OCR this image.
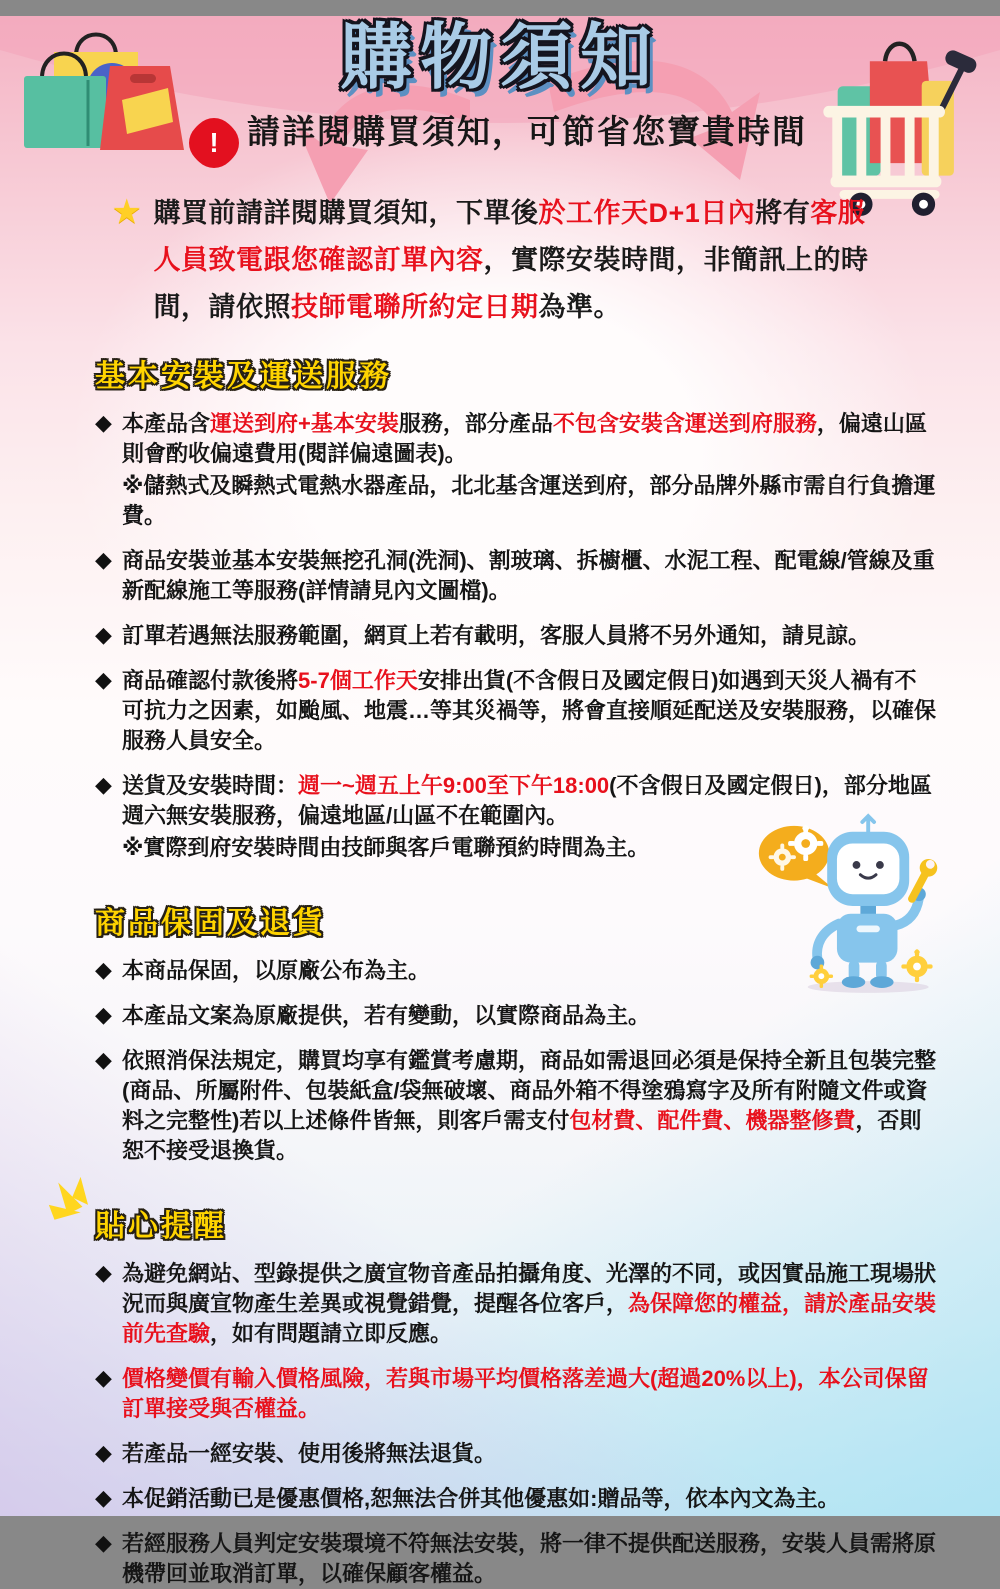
購物須知
! 請詳閱購買須知，可節省您寶貴時間
★ 購買前請詳閱購買須知，下單後於工作天D+1日內將有客服人員致電跟您確認訂單內容，實際安裝時間，非簡訊上的時間，請依照技師電聯所約定日期為準。

基本安裝及運送服務
◆ 本產品含運送到府+基本安裝服務，部分產品不包含安裝含運送到府服務，偏遠山區 則會酌收偏遠費用(閱詳偏遠圖表)。
※儲熱式及瞬熱式電熱水器產品，北北基含運送到府，部分品牌外縣市需自行負擔運費。
◆ 商品安裝並基本安裝無挖孔洞(洗洞)、割玻璃、拆櫥櫃、水泥工程、配電線/管線及重新配線施工等服務(詳情請見內文圖檔)。
◆ 訂單若遇無法服務範圍，網頁上若有載明，客服人員將不另外通知，請見諒。
◆ 商品確認付款後將5-7個工作天安排出貨(不含假日及國定假日)如遇到天災人禍有不可抗力之因素，如颱風、地震…等其災禍等，將會直接順延配送及安裝服務，以確保服務人員安全。
◆ 送貨及安裝時間：週一~週五上午9:00至下午18:00(不含假日及國定假日)，部分地區週六無安裝服務，偏遠地區/山區不在範圍內。
※實際到府安裝時間由技師與客戶電聯預約時間為主。
商品保固及退貨
◆ 本商品保固，以原廠公布為主。
◆ 本產品文案為原廠提供，若有變動，以實際商品為主。
◆ 依照消保法規定，購買均享有鑑賞考慮期，商品如需退回必須是保持全新且包裝完整 (商品、所屬附件、包裝紙盒/袋無破壞、商品外箱不得塗鴉寫字及所有附隨文件或資料之完整性)若以上述條件皆無，則客戶需支付包材費、配件費、機器整修費，否則恕不接受退換貨。
貼心提醒
◆ 為避免網站、型錄提供之廣宣物音產品拍攝角度、光澤的不同，或因實品施工現場狀況而與廣宣物產生差異或視覺錯覺，提醒各位客戶，為保障您的權益，請於產品安裝前先查驗，如有問題請立即反應。
◆ 價格變價有輸入價格風險，若與市場平均價格落差過大(超過20%以上)，本公司保留訂單接受與否權益。
◆ 若產品一經安裝、使用後將無法退貨。
◆ 本促銷活動已是優惠價格,恕無法合併其他優惠如:贈品等，依本內文為主。
◆ 若經服務人員判定安裝環境不符無法安裝，將一律不提供配送服務，安裝人員需將原機帶回並取消訂單，以確保顧客權益。
